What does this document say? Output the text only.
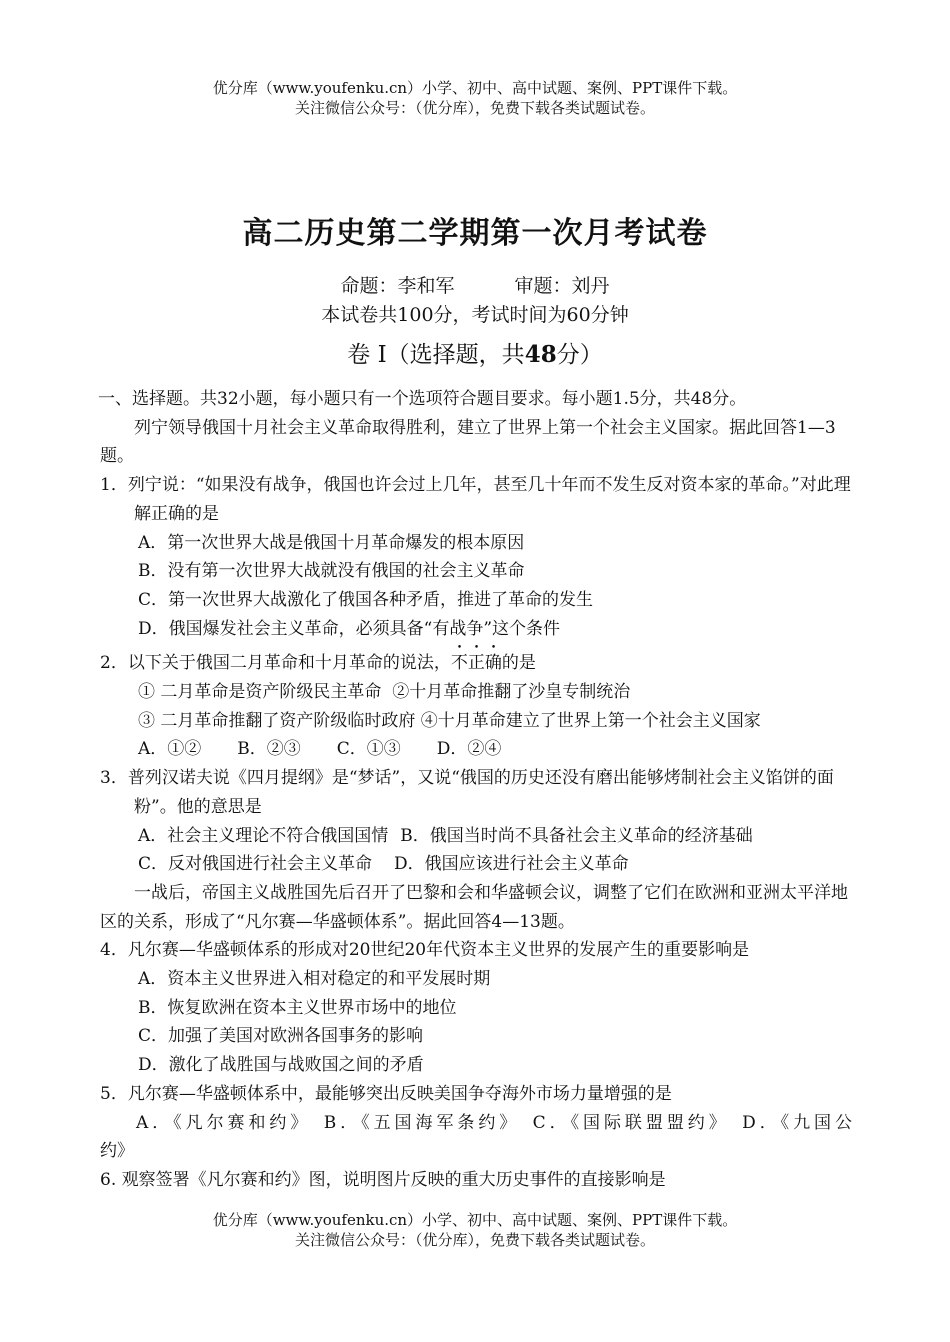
优分库（www.youfenku.cn）小学、初中、高中试题、案例、PPT课件下载。
关注微信公众号：（优分库），免费下载各类试题试卷。
高二历史第二学期第一次月考试卷
命题：李和军	审题：刘丹
本试卷共100分，考试时间为60分钟
卷 Ⅰ（选择题，共48分）

一、选择题。共32小题，每小题只有一个选项符合题目要求。每小题1.5分，共48分。

列宁领导俄国十月社会主义革命取得胜利，建立了世界上第一个社会主义国家。据此回答1—3题。

1．列宁说：“如果没有战争，俄国也许会过上几年，甚至几十年而不发生反对资本家的革命。”对此理解正确的是

A．第一次世界大战是俄国十月革命爆发的根本原因

B．没有第一次世界大战就没有俄国的社会主义革命

C．第一次世界大战激化了俄国各种矛盾，推进了革命的发生

D．俄国爆发社会主义革命，必须具备“有战争”这个条件

2．以下关于俄国二月革命和十月革命的说法，不正确的是

① 二月革命是资产阶级民主革命  ②十月革命推翻了沙皇专制统治

③ 二月革命推翻了资产阶级临时政府 ④十月革命建立了世界上第一个社会主义国家

A．①② B．②③ C．①③ D．②④

3．普列汉诺夫说《四月提纲》是“梦话”，又说“俄国的历史还没有磨出能够烤制社会主义馅饼的面粉”。他的意思是

A．社会主义理论不符合俄国国情 B．俄国当时尚不具备社会主义革命的经济基础

C．反对俄国进行社会主义革命 D．俄国应该进行社会主义革命

一战后，帝国主义战胜国先后召开了巴黎和会和华盛顿会议，调整了它们在欧洲和亚洲太平洋地区的关系，形成了“凡尔赛—华盛顿体系”。据此回答4—13题。

4．凡尔赛—华盛顿体系的形成对20世纪20年代资本主义世界的发展产生的重要影响是

A．资本主义世界进入相对稳定的和平发展时期

B．恢复欧洲在资本主义世界市场中的地位

C．加强了美国对欧洲各国事务的影响

D．激化了战胜国与战败国之间的矛盾

5．凡尔赛—华盛顿体系中，最能够突出反映美国争夺海外市场力量增强的是

A．《凡尔赛和约》　B．《五国海军条约》　C．《国际联盟盟约》　D．《九国公

约》

6. 观察签署《凡尔赛和约》图，说明图片反映的重大历史事件的直接影响是

优分库（www.youfenku.cn）小学、初中、高中试题、案例、PPT课件下载。
关注微信公众号：（优分库），免费下载各类试题试卷。
